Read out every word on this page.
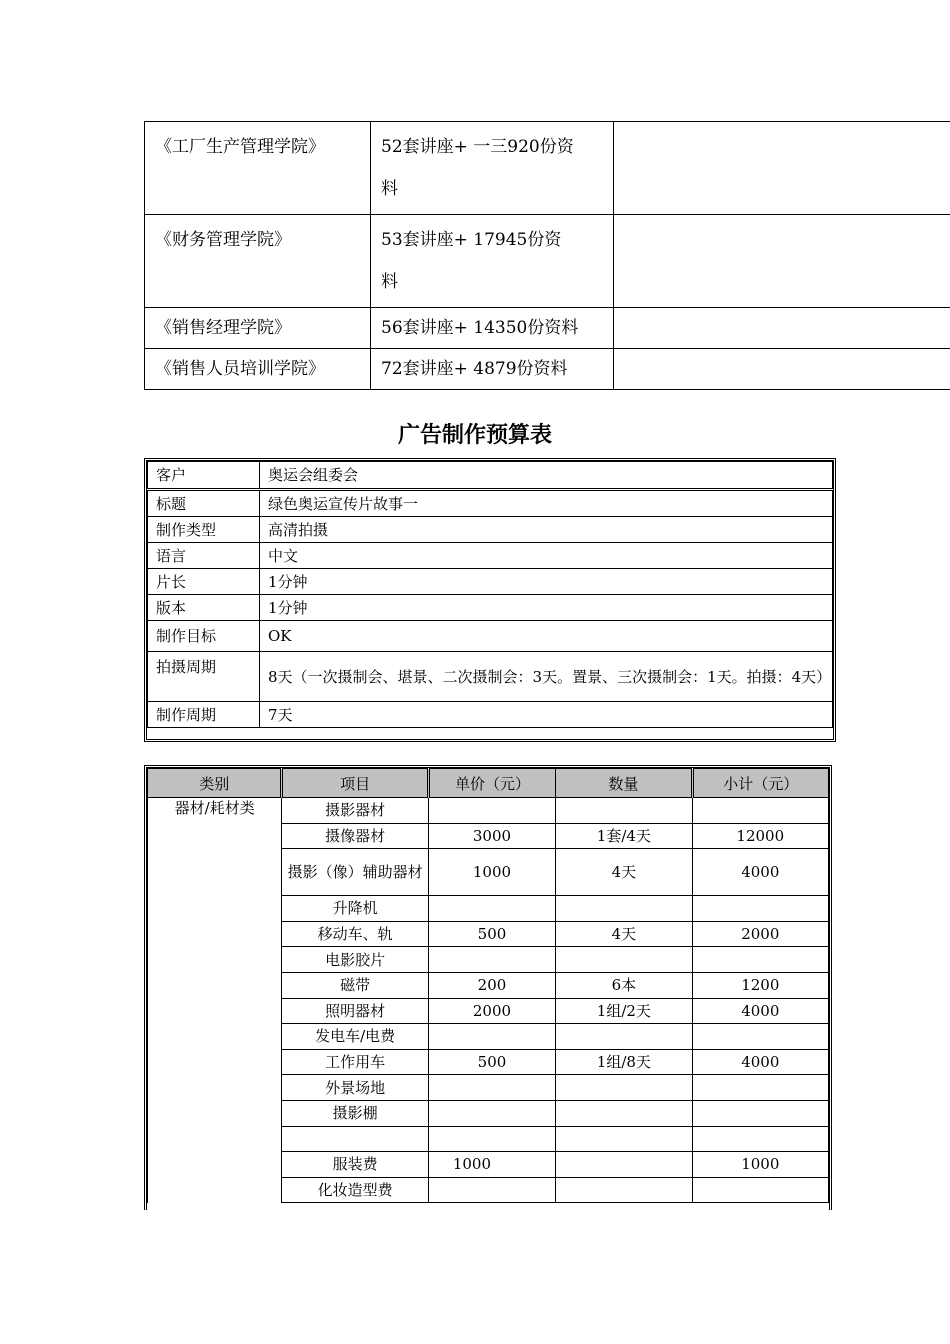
《工厂生产管理学院》	52套讲座+ 一三920份资
料	
《财务管理学院》	53套讲座+ 17945份资
料	
《销售经理学院》	56套讲座+ 14350份资料	
《销售人员培训学院》	72套讲座+ 4879份资料	
广告制作预算表
客户	奥运会组委会
标题	绿色奥运宣传片故事一
制作类型	高清拍摄
语言	中文
片长	1分钟
版本	1分钟
制作目标	OK
拍摄周期	8天（一次摄制会、堪景、二次摄制会：3天。置景、三次摄制会：1天。拍摄：4天）
制作周期	7天
类别	项目	单价（元）	数量	小计（元）
器材/耗材类	摄影器材			
	摄像器材	3000	1套/4天	12000
	摄影（像）辅助器材	1000	4天	4000
	升降机			
	移动车、轨	500	4天	2000
	电影胶片			
	磁带	200	6本	1200
	照明器材	2000	1组/2天	4000
	发电车/电费			
	工作用车	500	1组/8天	4000
	外景场地			
	摄影棚			

	服装费	1000		1000
	化妆造型费			
